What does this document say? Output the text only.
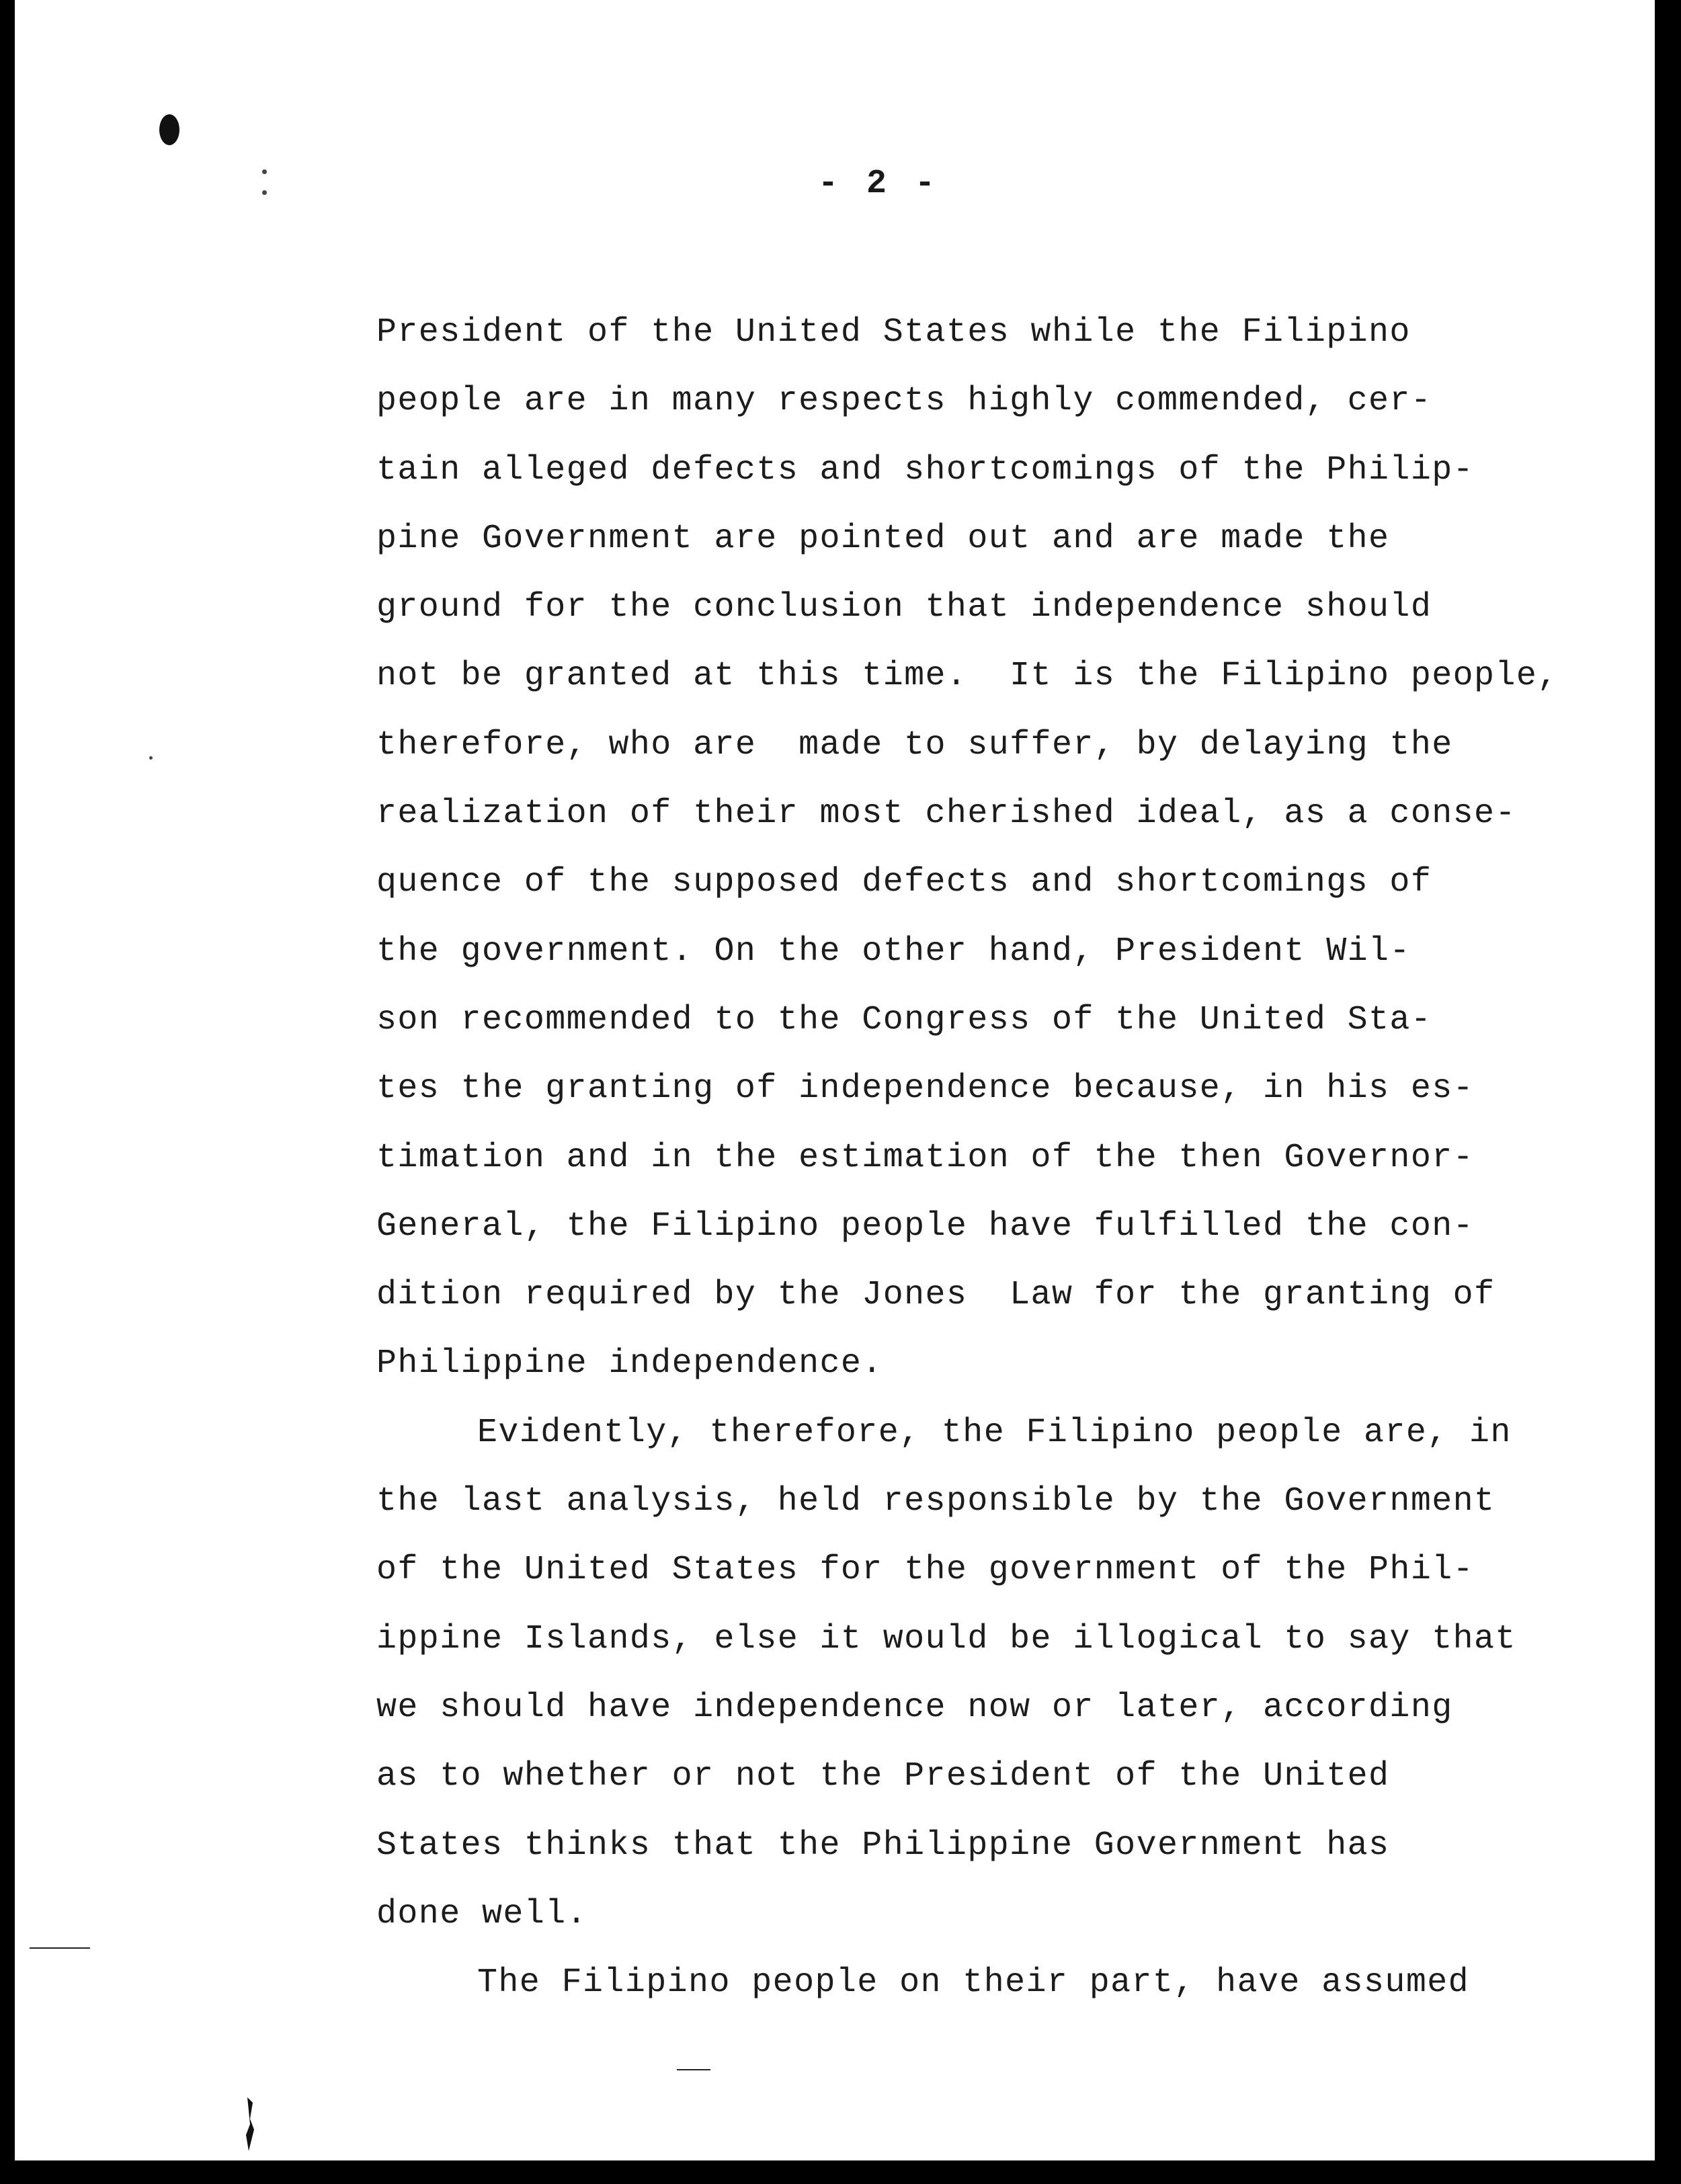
- 2 -
President of the United States while the Filipino
people are in many respects highly commended, cer-
tain alleged defects and shortcomings of the Philip-
pine Government are pointed out and are made the
ground for the conclusion that independence should
not be granted at this time.  It is the Filipino people,
therefore, who are  made to suffer, by delaying the
realization of their most cherished ideal, as a conse-
quence of the supposed defects and shortcomings of
the government. On the other hand, President Wil-
son recommended to the Congress of the United Sta-
tes the granting of independence because, in his es-
timation and in the estimation of the then Governor-
General, the Filipino people have fulfilled the con-
dition required by the Jones  Law for the granting of
Philippine independence.
Evidently, therefore, the Filipino people are, in
the last analysis, held responsible by the Government
of the United States for the government of the Phil-
ippine Islands, else it would be illogical to say that
we should have independence now or later, according
as to whether or not the President of the United
States thinks that the Philippine Government has
done well.
The Filipino people on their part, have assumed
